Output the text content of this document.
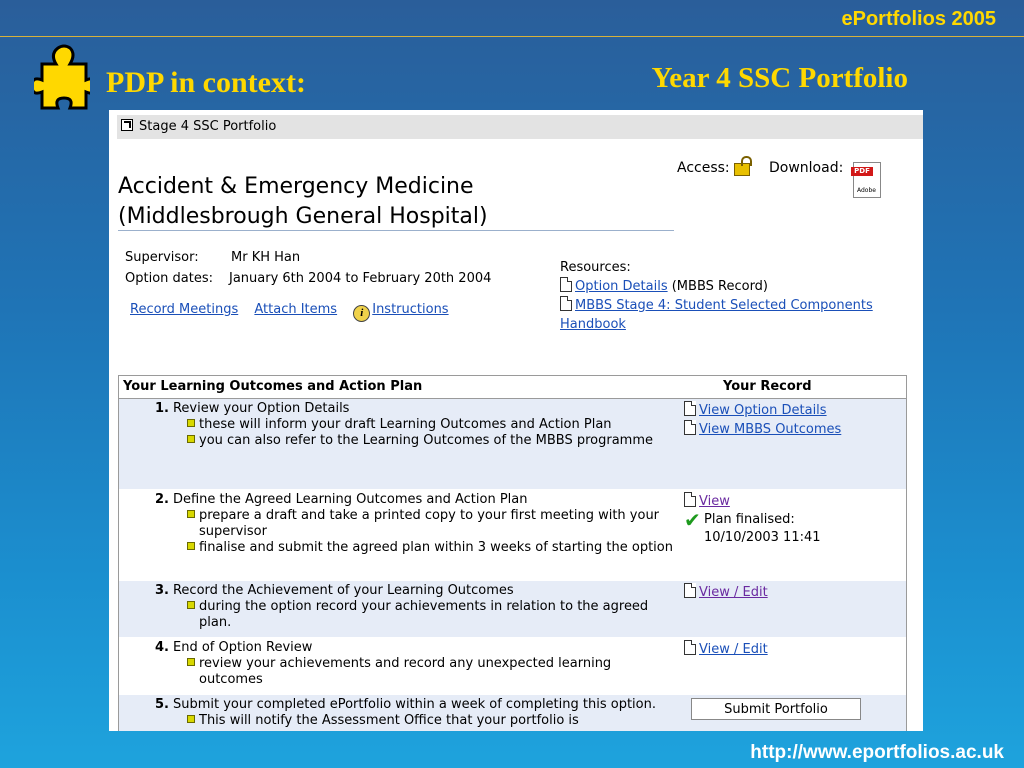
ePortfolios 2005
PDP in context:	Year 4 SSC Portfolio
Stage 4 SSC Portfolio
Accident & Emergency Medicine
(Middlesbrough General Hospital)
Access:	Download:	PDF
Adobe
Supervisor: Mr KH Han
Option dates: January 6th 2004 to February 20th 2004
Record Meetings Attach Items i Instructions
Resources:
Option Details (MBBS Record)
MBBS Stage 4: Student Selected Components Handbook
Your Learning Outcomes and Action Plan	Your Record
1. Review your Option Details
these will inform your draft Learning Outcomes and Action Plan
you can also refer to the Learning Outcomes of the MBBS programme
View Option Details
View MBBS Outcomes
2. Define the Agreed Learning Outcomes and Action Plan
prepare a draft and take a printed copy to your first meeting with your supervisor
finalise and submit the agreed plan within 3 weeks of starting the option
View
✔ Plan finalised:
10/10/2003 11:41
3. Record the Achievement of your Learning Outcomes
during the option record your achievements in relation to the agreed plan.
View / Edit
4. End of Option Review
review your achievements and record any unexpected learning outcomes
View / Edit
5. Submit your completed ePortfolio within a week of completing this option.
This will notify the Assessment Office that your portfolio is
Submit Portfolio
http://www.eportfolios.ac.uk
